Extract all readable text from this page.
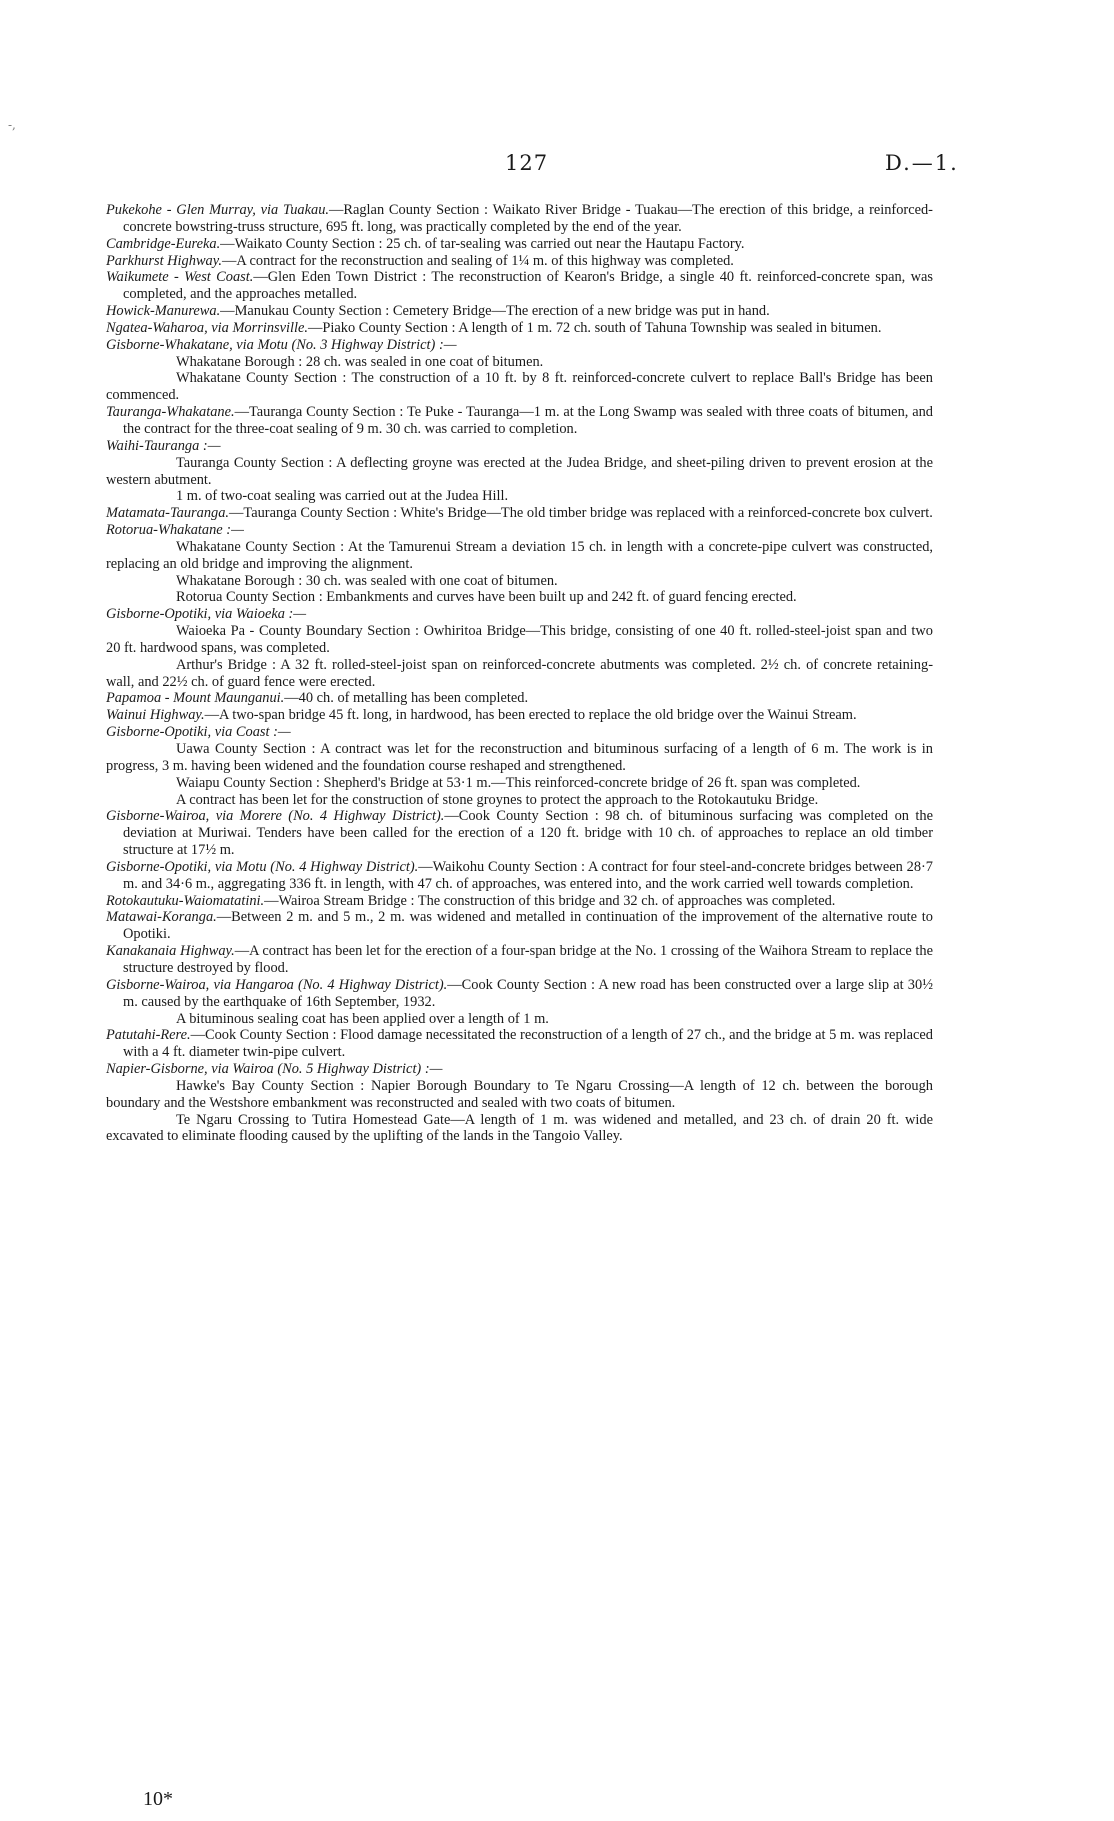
-,
127	D.—1.

Pukekohe - Glen Murray, via Tuakau.—Raglan County Section : Waikato River Bridge - Tuakau—The erection of this bridge, a reinforced-concrete bowstring-truss structure, 695 ft. long, was practically completed by the end of the year.

Cambridge-Eureka.—Waikato County Section : 25 ch. of tar-sealing was carried out near the Hautapu Factory.

Parkhurst Highway.—A contract for the reconstruction and sealing of 1¼ m. of this highway was completed.

Waikumete - West Coast.—Glen Eden Town District : The reconstruction of Kearon's Bridge, a single 40 ft. reinforced-concrete span, was completed, and the approaches metalled.

Howick-Manurewa.—Manukau County Section : Cemetery Bridge—The erection of a new bridge was put in hand.

Ngatea-Waharoa, via Morrinsville.—Piako County Section : A length of 1 m. 72 ch. south of Tahuna Township was sealed in bitumen.

Gisborne-Whakatane, via Motu (No. 3 Highway District) :—

Whakatane Borough : 28 ch. was sealed in one coat of bitumen.

Whakatane County Section : The construction of a 10 ft. by 8 ft. reinforced-concrete culvert to replace Ball's Bridge has been commenced.

Tauranga-Whakatane.—Tauranga County Section : Te Puke - Tauranga—1 m. at the Long Swamp was sealed with three coats of bitumen, and the contract for the three-coat sealing of 9 m. 30 ch. was carried to completion.

Waihi-Tauranga :—

Tauranga County Section : A deflecting groyne was erected at the Judea Bridge, and sheet-piling driven to prevent erosion at the western abutment.

1 m. of two-coat sealing was carried out at the Judea Hill.

Matamata-Tauranga.—Tauranga County Section : White's Bridge—The old timber bridge was replaced with a reinforced-concrete box culvert.

Rotorua-Whakatane :—

Whakatane County Section : At the Tamurenui Stream a deviation 15 ch. in length with a concrete-pipe culvert was constructed, replacing an old bridge and improving the alignment.

Whakatane Borough : 30 ch. was sealed with one coat of bitumen.

Rotorua County Section : Embankments and curves have been built up and 242 ft. of guard fencing erected.

Gisborne-Opotiki, via Waioeka :—

Waioeka Pa - County Boundary Section : Owhiritoa Bridge—This bridge, consisting of one 40 ft. rolled-steel-joist span and two 20 ft. hardwood spans, was completed.

Arthur's Bridge : A 32 ft. rolled-steel-joist span on reinforced-concrete abutments was completed. 2½ ch. of concrete retaining-wall, and 22½ ch. of guard fence were erected.

Papamoa - Mount Maunganui.—40 ch. of metalling has been completed.

Wainui Highway.—A two-span bridge 45 ft. long, in hardwood, has been erected to replace the old bridge over the Wainui Stream.

Gisborne-Opotiki, via Coast :—

Uawa County Section : A contract was let for the reconstruction and bituminous surfacing of a length of 6 m. The work is in progress, 3 m. having been widened and the foundation course reshaped and strengthened.

Waiapu County Section : Shepherd's Bridge at 53·1 m.—This reinforced-concrete bridge of 26 ft. span was completed.

A contract has been let for the construction of stone groynes to protect the approach to the Rotokautuku Bridge.

Gisborne-Wairoa, via Morere (No. 4 Highway District).—Cook County Section : 98 ch. of bituminous surfacing was completed on the deviation at Muriwai. Tenders have been called for the erection of a 120 ft. bridge with 10 ch. of approaches to replace an old timber structure at 17½ m.

Gisborne-Opotiki, via Motu (No. 4 Highway District).—Waikohu County Section : A contract for four steel-and-concrete bridges between 28·7 m. and 34·6 m., aggregating 336 ft. in length, with 47 ch. of approaches, was entered into, and the work carried well towards completion.

Rotokautuku-Waiomatatini.—Wairoa Stream Bridge : The construction of this bridge and 32 ch. of approaches was completed.

Matawai-Koranga.—Between 2 m. and 5 m., 2 m. was widened and metalled in continuation of the improvement of the alternative route to Opotiki.

Kanakanaia Highway.—A contract has been let for the erection of a four-span bridge at the No. 1 crossing of the Waihora Stream to replace the structure destroyed by flood.

Gisborne-Wairoa, via Hangaroa (No. 4 Highway District).—Cook County Section : A new road has been constructed over a large slip at 30½ m. caused by the earthquake of 16th September, 1932.

A bituminous sealing coat has been applied over a length of 1 m.

Patutahi-Rere.—Cook County Section : Flood damage necessitated the reconstruction of a length of 27 ch., and the bridge at 5 m. was replaced with a 4 ft. diameter twin-pipe culvert.

Napier-Gisborne, via Wairoa (No. 5 Highway District) :—

Hawke's Bay County Section : Napier Borough Boundary to Te Ngaru Crossing—A length of 12 ch. between the borough boundary and the Westshore embankment was reconstructed and sealed with two coats of bitumen.

Te Ngaru Crossing to Tutira Homestead Gate—A length of 1 m. was widened and metalled, and 23 ch. of drain 20 ft. wide excavated to eliminate flooding caused by the uplifting of the lands in the Tangoio Valley.

10*
